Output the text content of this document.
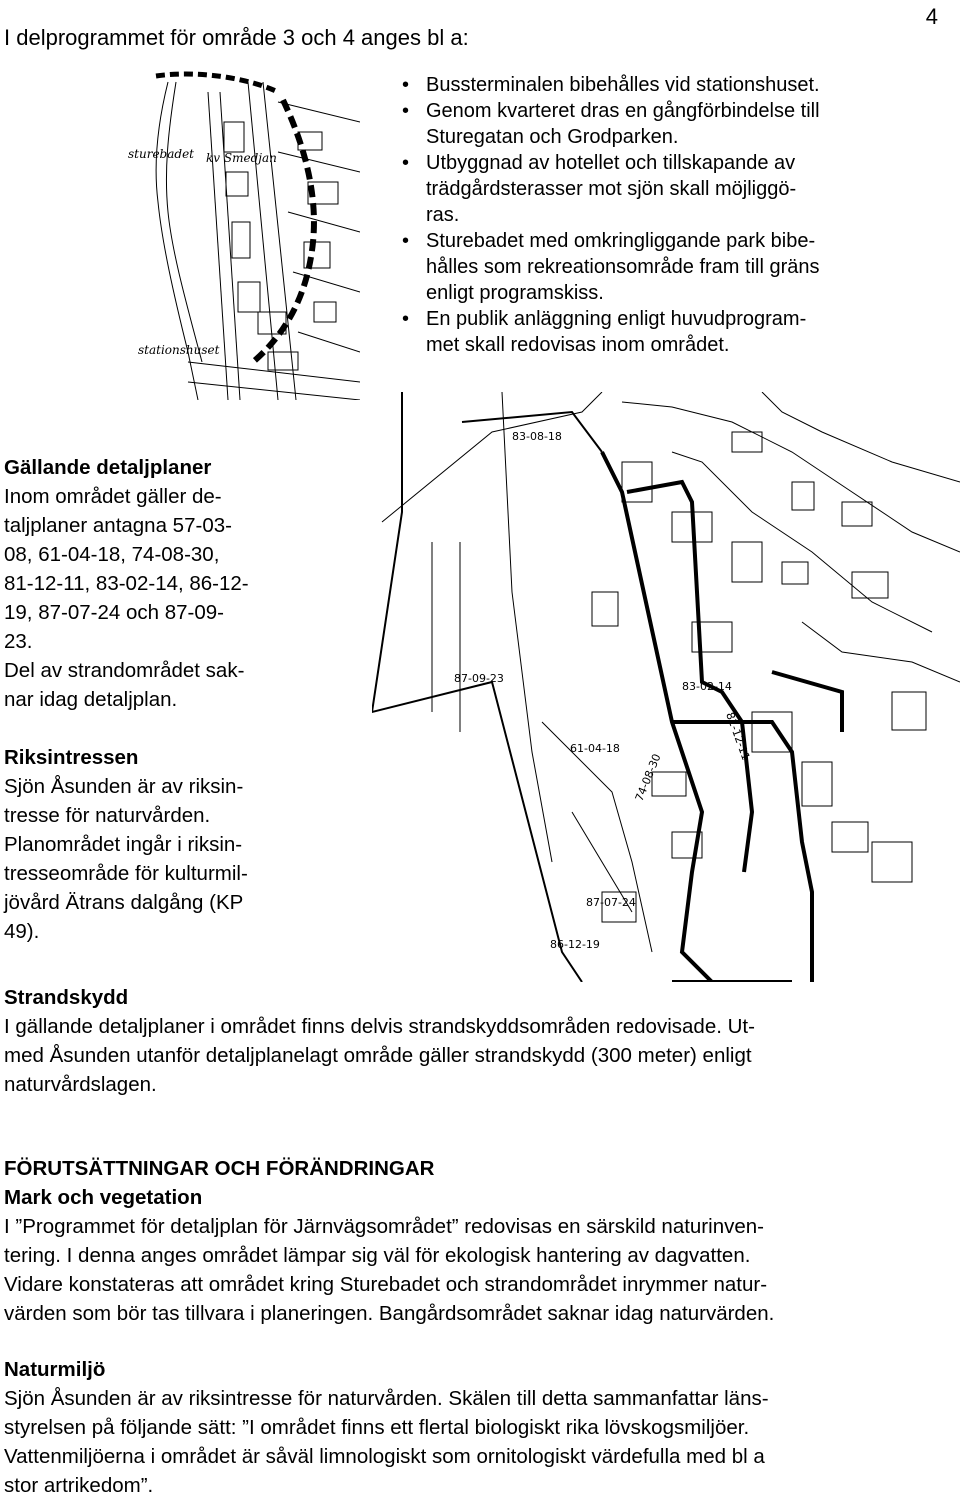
4
I delprogrammet för område 3 och 4 anges bl a:
sturebadet kv Smedjan
stationshuset
• Bussterminalen bibehålles vid stationshuset.
• Genom kvarteret dras en gångförbindelse till
Sturegatan och Grodparken.
• Utbyggnad av hotellet och tillskapande av
trädgårdsterasser mot sjön skall möjliggö-
ras.
• Sturebadet med omkringliggande park bibe-
hålles som rekreationsområde fram till gräns
enligt programskiss.
• En publik anläggning enligt huvudprogram-
met skall redovisas inom området.
83-08-18
87-09-23
83-02-14
81-12-11
61-04-18
74-08-30
87-07-24
86-12-19

Gällande detaljplaner

Inom området gäller de-
taljplaner antagna 57-03-
08, 61-04-18, 74-08-30,
81-12-11, 83-02-14, 86-12-
19, 87-07-24 och 87-09-

23.

Del av strandområdet sak-

nar idag detaljplan.

Riksintressen

Sjön Åsunden är av riksin-

tresse för naturvården.

Planområdet ingår i riksin-

tresseområde för kulturmil-

jövård Ätrans dalgång (KP

49).

Strandskydd

I gällande detaljplaner i området finns delvis strandskyddsområden redovisade. Ut-

med Åsunden utanför detaljplanelagt område gäller strandskydd (300 meter) enligt

naturvårdslagen.

FÖRUTSÄTTNINGAR OCH FÖRÄNDRINGAR

Mark och vegetation

I ”Programmet för detaljplan för Järnvägsområdet” redovisas en särskild naturinven-

tering. I denna anges området lämpar sig väl för ekologisk hantering av dagvatten.

Vidare konstateras att området kring Sturebadet och strandområdet inrymmer natur-

värden som bör tas tillvara i planeringen. Bangårdsområdet saknar idag naturvärden.

Naturmiljö

Sjön Åsunden är av riksintresse för naturvården. Skälen till detta sammanfattar läns-

styrelsen på följande sätt: ”I området finns ett flertal biologiskt rika lövskogsmiljöer.

Vattenmiljöerna i området är såväl limnologiskt som ornitologiskt värdefulla med bl a

stor artrikedom”.
